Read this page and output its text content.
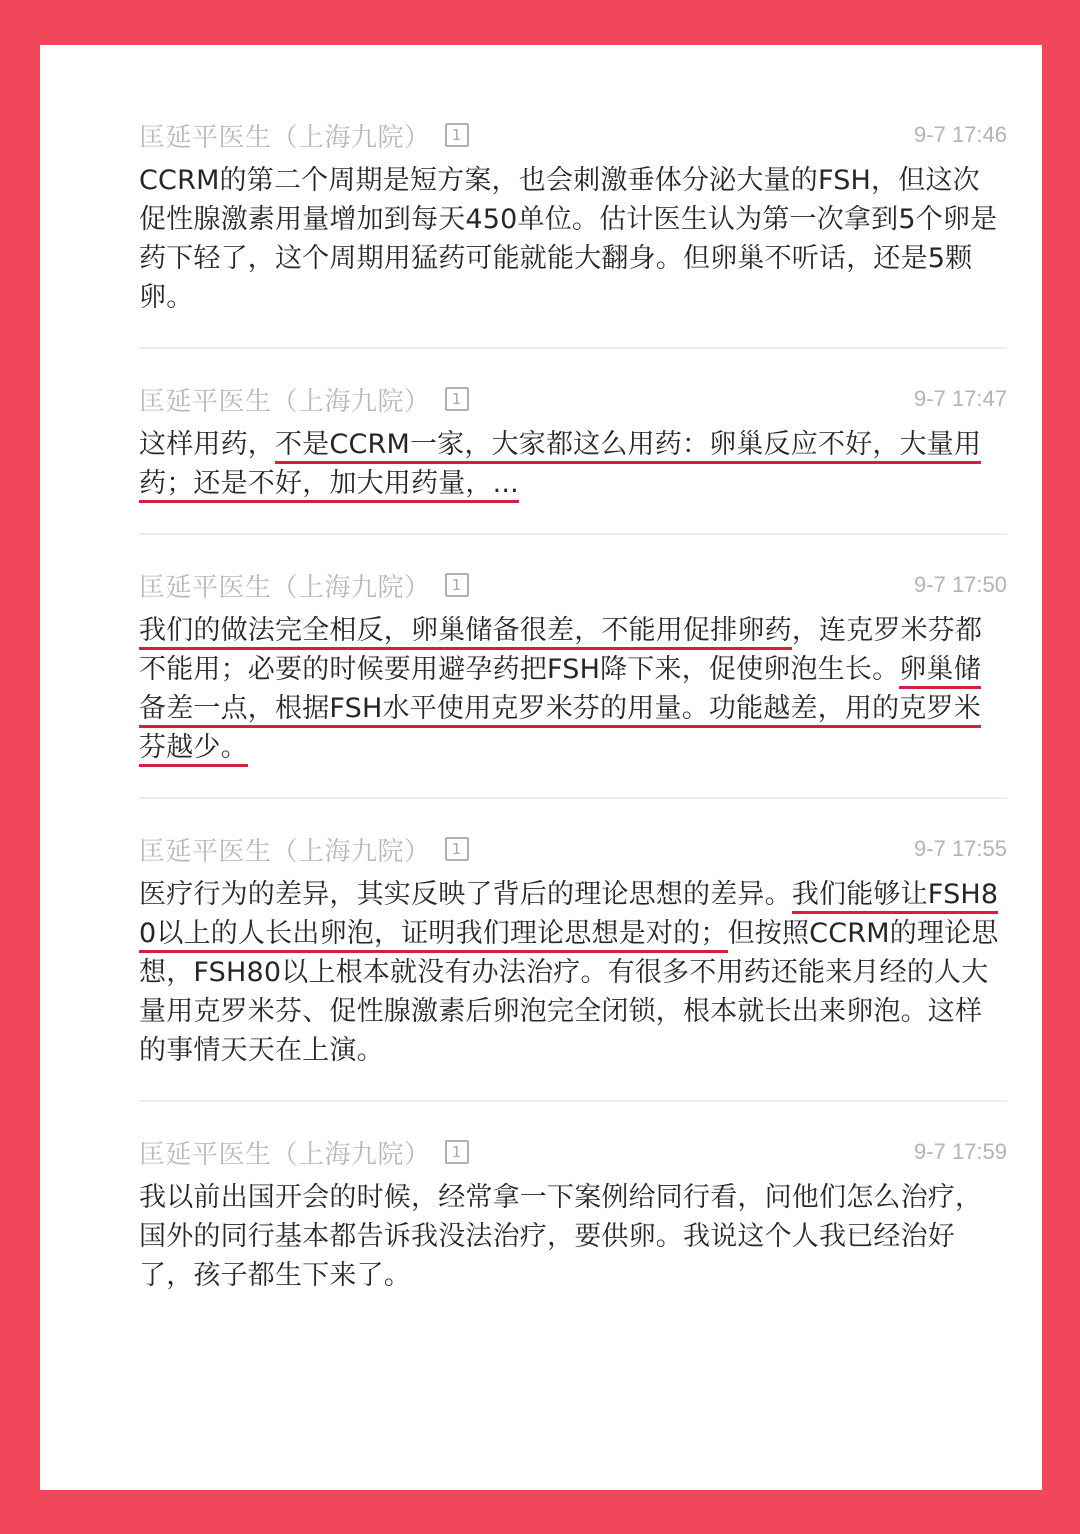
匡延平医生（上海九院）	1	9-7 17:46
CCRM的第二个周期是短方案，也会刺激垂体分泌大量的FSH，但这次促性腺激素用量增加到每天450单位。估计医生认为第一次拿到5个卵是药下轻了，这个周期用猛药可能就能大翻身。但卵巢不听话，还是5颗卵。
匡延平医生（上海九院）	1	9-7 17:47
这样用药，不是CCRM一家，大家都这么用药：卵巢反应不好，大量用药；还是不好，加大用药量，...
匡延平医生（上海九院）	1	9-7 17:50
我们的做法完全相反，卵巢储备很差，不能用促排卵药，连克罗米芬都不能用；必要的时候要用避孕药把FSH降下来，促使卵泡生长。卵巢储备差一点，根据FSH水平使用克罗米芬的用量。功能越差，用的克罗米芬越少。
匡延平医生（上海九院）	1	9-7 17:55
医疗行为的差异，其实反映了背后的理论思想的差异。我们能够让FSH80以上的人长出卵泡，证明我们理论思想是对的；但按照CCRM的理论思想，FSH80以上根本就没有办法治疗。有很多不用药还能来月经的人大量用克罗米芬、促性腺激素后卵泡完全闭锁，根本就长出来卵泡。这样的事情天天在上演。
匡延平医生（上海九院）	1	9-7 17:59
我以前出国开会的时候，经常拿一下案例给同行看，问他们怎么治疗，国外的同行基本都告诉我没法治疗，要供卵。我说这个人我已经治好了，孩子都生下来了。
